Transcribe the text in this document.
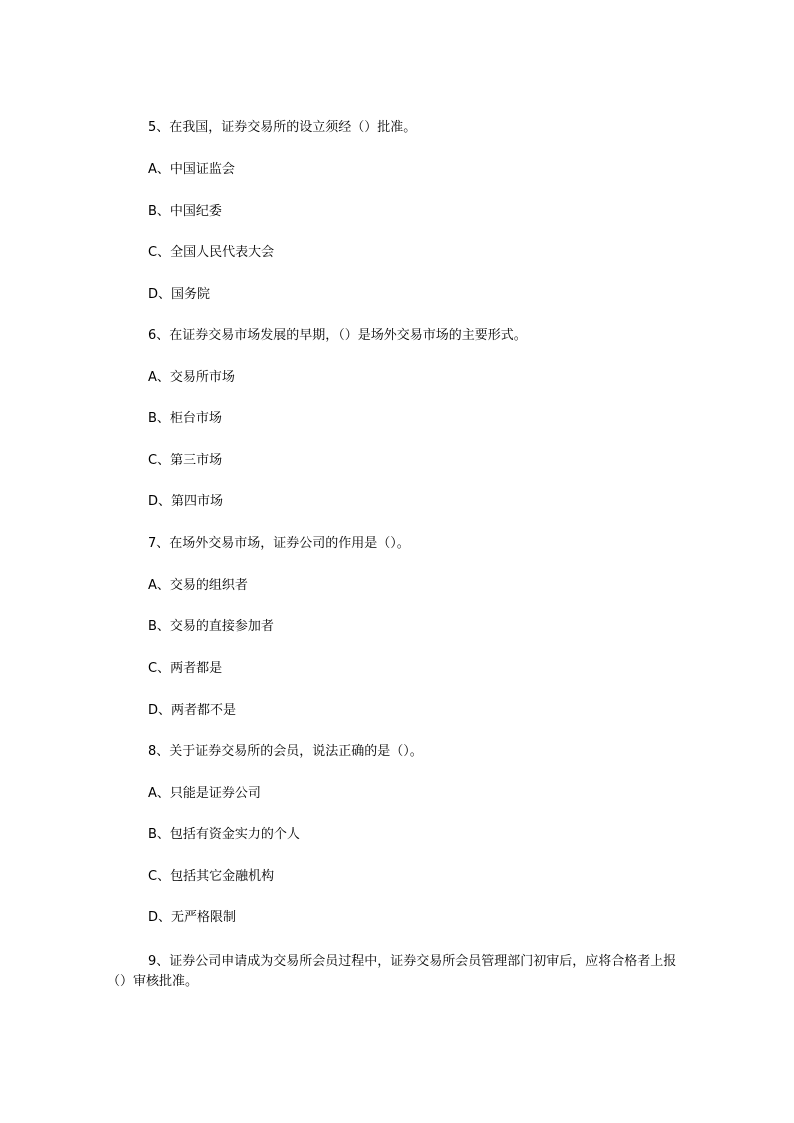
5、在我国，证券交易所的设立须经（）批准。
A、中国证监会
B、中国纪委
C、全国人民代表大会
D、国务院
6、在证券交易市场发展的早期，（）是场外交易市场的主要形式。
A、交易所市场
B、柜台市场
C、第三市场
D、第四市场
7、在场外交易市场，证券公司的作用是（）。
A、交易的组织者
B、交易的直接参加者
C、两者都是
D、两者都不是
8、关于证券交易所的会员，说法正确的是（）。
A、只能是证券公司
B、包括有资金实力的个人
C、包括其它金融机构
D、无严格限制
9、证券公司申请成为交易所会员过程中，证券交易所会员管理部门初审后，应将合格者上报（）审核批准。
